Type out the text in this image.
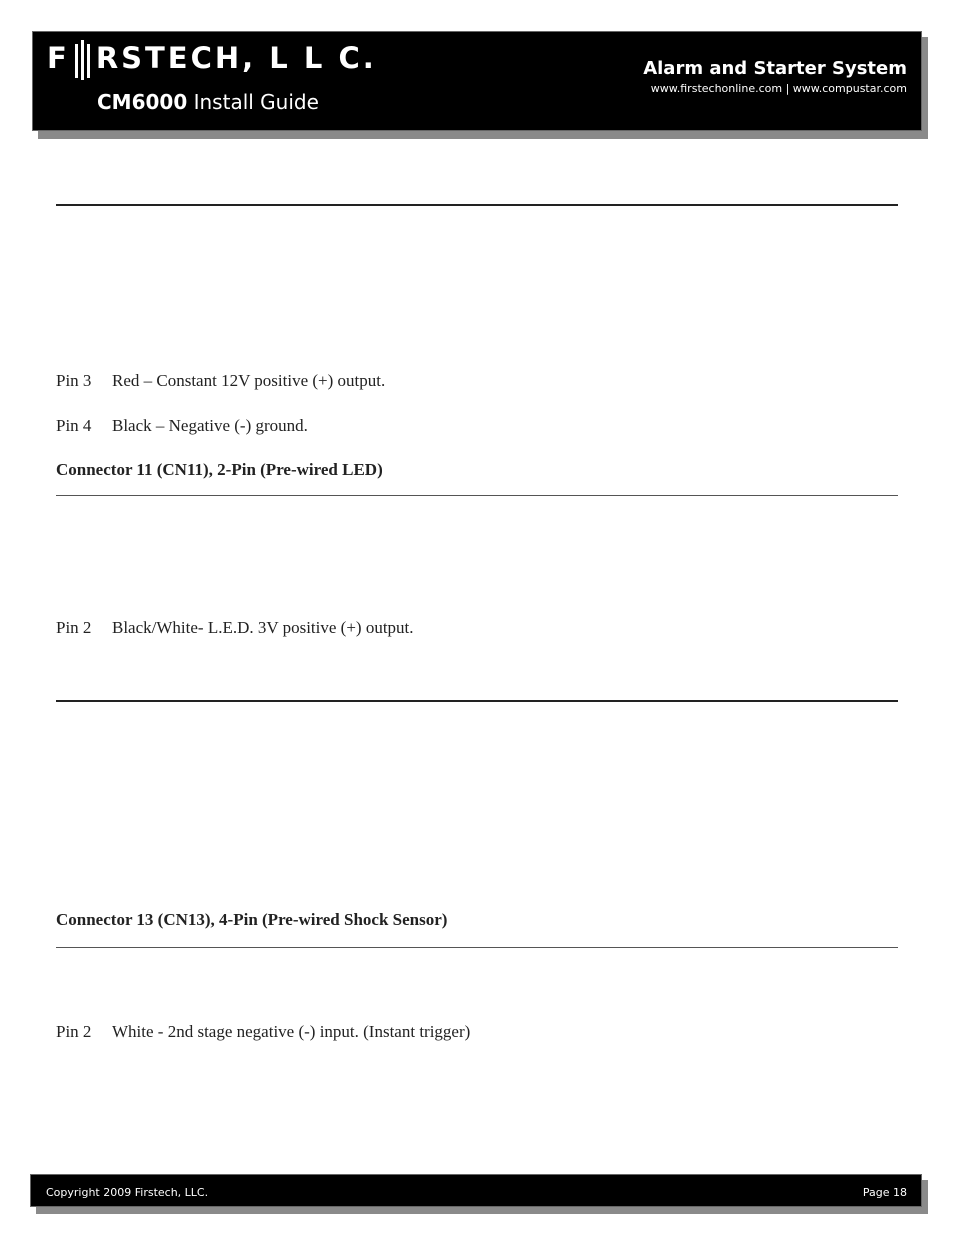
F RSTECH, L L C.
CM6000 Install Guide
Alarm and Starter System
www.firstechonline.com | www.compustar.com
Pin 3 Red – Constant 12V positive (+) output.
Pin 4 Black – Negative (-) ground.
Connector 11 (CN11), 2-Pin (Pre-wired LED)
Pin 2 Black/White- L.E.D. 3V positive (+) output.
Connector 13 (CN13), 4-Pin (Pre-wired Shock Sensor)
Pin 2 White - 2nd stage negative (-) input. (Instant trigger)
Copyright 2009 Firstech, LLC.	Page 18
